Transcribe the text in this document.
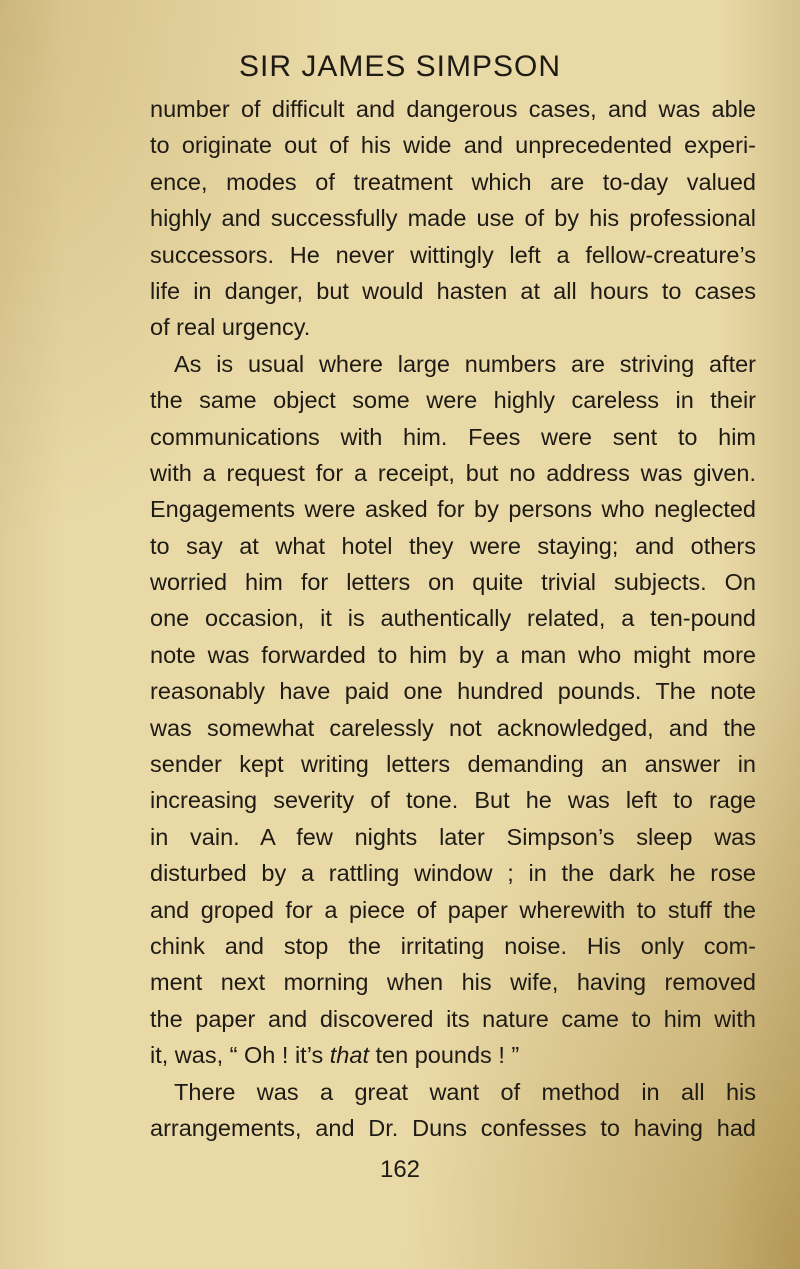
SIR JAMES SIMPSON
number of difficult and dangerous cases, and was able
to originate out of his wide and unprecedented experi-
ence, modes of treatment which are to-day valued
highly and successfully made use of by his professional
successors. He never wittingly left a fellow-creature’s
life in danger, but would hasten at all hours to cases
of real urgency.
As is usual where large numbers are striving after
the same object some were highly careless in their
communications with him. Fees were sent to him
with a request for a receipt, but no address was given.
Engagements were asked for by persons who neglected
to say at what hotel they were staying; and others
worried him for letters on quite trivial subjects. On
one occasion, it is authentically related, a ten-pound
note was forwarded to him by a man who might more
reasonably have paid one hundred pounds. The note
was somewhat carelessly not acknowledged, and the
sender kept writing letters demanding an answer in
increasing severity of tone. But he was left to rage
in vain. A few nights later Simpson’s sleep was
disturbed by a rattling window ; in the dark he rose
and groped for a piece of paper wherewith to stuff the
chink and stop the irritating noise. His only com-
ment next morning when his wife, having removed
the paper and discovered its nature came to him with
it, was, “ Oh ! it’s that ten pounds ! ”
There was a great want of method in all his
arrangements, and Dr. Duns confesses to having had
162
